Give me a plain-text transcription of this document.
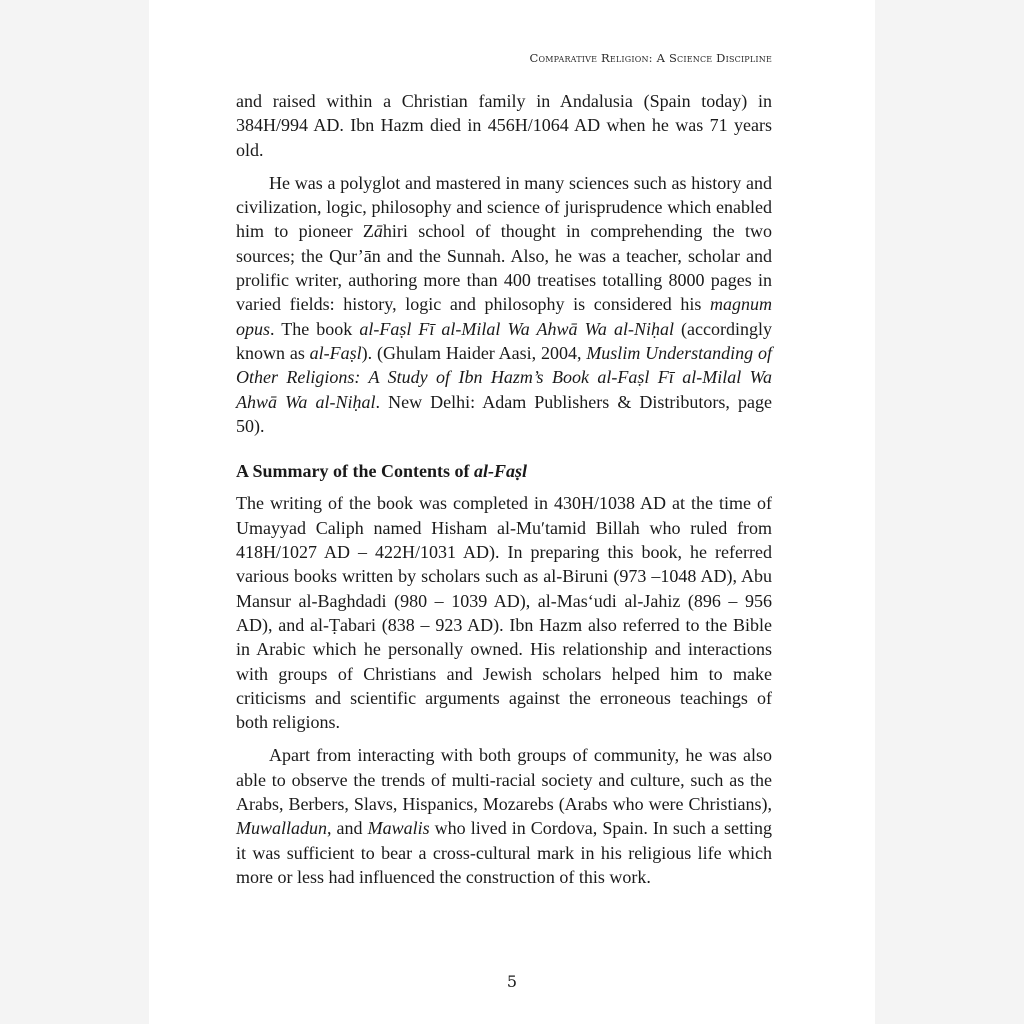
Comparative Religion: A Science Discipline

and raised within a Christian family in Andalusia (Spain today) in 384H/994 AD. Ibn Hazm died in 456H/1064 AD when he was 71 years old.

He was a polyglot and mastered in many sciences such as history and civilization, logic, philosophy and science of jurisprudence which enabled him to pioneer Zāhiri school of thought in comprehending the two sources; the Qur’ān and the Sunnah. Also, he was a teacher, scholar and prolific writer, authoring more than 400 treatises totalling 8000 pages in varied fields: history, logic and philosophy is considered his magnum opus. The book al-Faṣl Fī al-Milal Wa Ahwā Wa al-Niḥal (accordingly known as al-Faṣl). (Ghulam Haider Aasi, 2004, Muslim Understanding of Other Religions: A Study of Ibn Hazm’s Book al-Faṣl Fī al-Milal Wa Ahwā Wa al-Niḥal. New Delhi: Adam Publishers & Distributors, page 50).

A Summary of the Contents of al-Faṣl

The writing of the book was completed in 430H/1038 AD at the time of Umayyad Caliph named Hisham al-Muʹtamid Billah who ruled from 418H/1027 AD – 422H/1031 AD). In preparing this book, he referred various books written by scholars such as al-Biruni (973 –1048 AD), Abu Mansur al-Baghdadi (980 – 1039 AD), al-Mas‘udi al-Jahiz (896 – 956 AD), and al-Ṭabari (838 – 923 AD). Ibn Hazm also referred to the Bible in Arabic which he personally owned. His relationship and interactions with groups of Christians and Jewish scholars helped him to make criticisms and scientific arguments against the erroneous teachings of both religions.

Apart from interacting with both groups of community, he was also able to observe the trends of multi-racial society and culture, such as the Arabs, Berbers, Slavs, Hispanics, Mozarebs (Arabs who were Christians), Muwalladun, and Mawalis who lived in Cordova, Spain. In such a setting it was sufficient to bear a cross-cultural mark in his religious life which more or less had influenced the construction of this work.

5
